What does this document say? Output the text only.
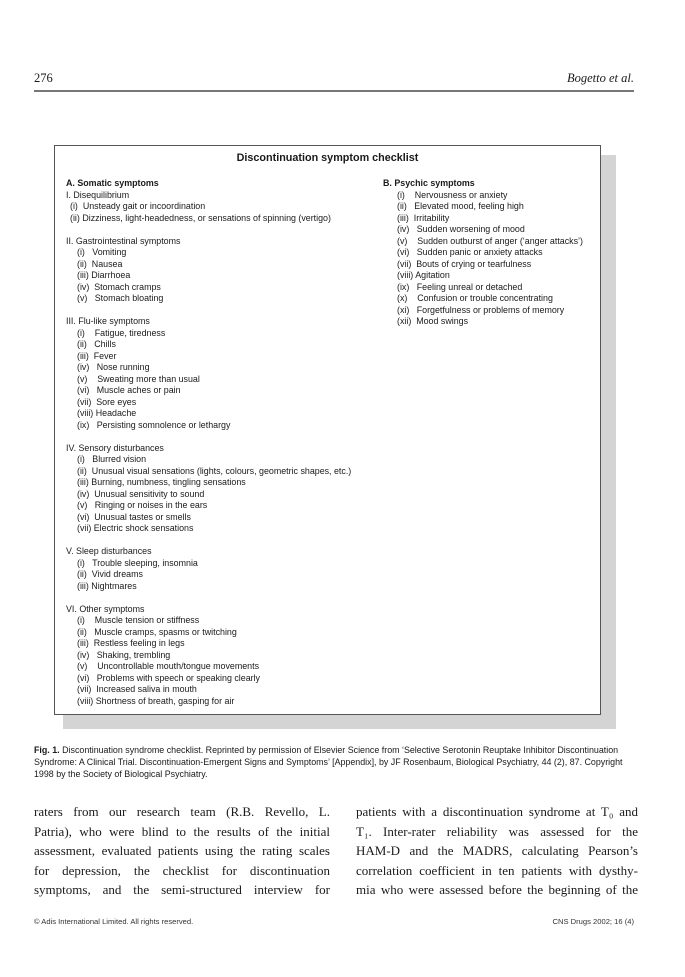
276	Bogetto et al.
Discontinuation symptom checklist
A. Somatic symptoms
I. Disequilibrium
(i)  Unsteady gait or incoordination
(ii) Dizziness, light-headedness, or sensations of spinning (vertigo)
II. Gastrointestinal symptoms
(i)   Vomiting
(ii)  Nausea
(iii) Diarrhoea
(iv)  Stomach cramps
(v)   Stomach bloating
III. Flu-like symptoms
(i)    Fatigue, tiredness
(ii)   Chills
(iii)  Fever
(iv)   Nose running
(v)    Sweating more than usual
(vi)   Muscle aches or pain
(vii)  Sore eyes
(viii) Headache
(ix)   Persisting somnolence or lethargy
IV. Sensory disturbances
(i)   Blurred vision
(ii)  Unusual visual sensations (lights, colours, geometric shapes, etc.)
(iii) Burning, numbness, tingling sensations
(iv)  Unusual sensitivity to sound
(v)   Ringing or noises in the ears
(vi)  Unusual tastes or smells
(vii) Electric shock sensations
V. Sleep disturbances
(i)   Trouble sleeping, insomnia
(ii)  Vivid dreams
(iii) Nightmares
VI. Other symptoms
(i)    Muscle tension or stiffness
(ii)   Muscle cramps, spasms or twitching
(iii)  Restless feeling in legs
(iv)   Shaking, trembling
(v)    Uncontrollable mouth/tongue movements
(vi)   Problems with speech or speaking clearly
(vii)  Increased saliva in mouth
(viii) Shortness of breath, gasping for air
B. Psychic symptoms
(i)    Nervousness or anxiety
(ii)   Elevated mood, feeling high
(iii)  Irritability
(iv)   Sudden worsening of mood
(v)    Sudden outburst of anger (‘anger attacks’)
(vi)   Sudden panic or anxiety attacks
(vii)  Bouts of crying or tearfulness
(viii) Agitation
(ix)   Feeling unreal or detached
(x)    Confusion or trouble concentrating
(xi)   Forgetfulness or problems of memory
(xii)  Mood swings
Fig. 1. Discontinuation syndrome checklist. Reprinted by permission of Elsevier Science from ‘Selective Serotonin Reuptake Inhibitor Discontinuation Syndrome: A Clinical Trial. Discontinuation-Emergent Signs and Symptoms’ [Appendix], by JF Rosenbaum, Biological Psychiatry, 44 (2), 87. Copyright 1998 by the Society of Biological Psychiatry.
raters from our research team (R.B. Revello, L.
Patria), who were blind to the results of the initial
assessment, evaluated patients using the rating scales
for depression, the checklist for discontinuation
symptoms, and the semi-structured interview for
patients with a discontinuation syndrome at T₀ and
T₁. Inter-rater reliability was assessed for the
HAM-D and the MADRS, calculating Pearson’s
correlation coefficient in ten patients with dysthy-
mia who were assessed before the beginning of the
© Adis International Limited. All rights reserved.	CNS Drugs 2002; 16 (4)
